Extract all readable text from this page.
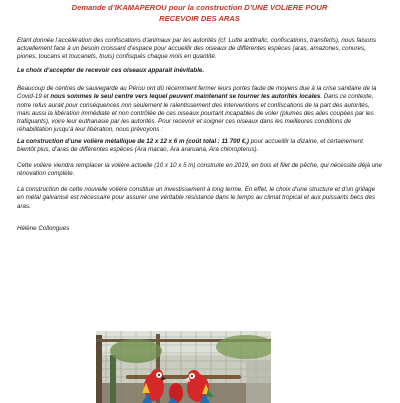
Demande d’IKAMAPEROU pour la construction D’UNE VOLIERE POUR
RECEVOIR DES ARAS

Etant donnée l’accélération des confiscations d’animaux par les autorités (cf. Lutte antitrafic, confiscations, transferts), nous faisons actuellement face à un besoin croissant d’espace pour accueillir des oiseaux de différentes espèces (aras, amazones, conures, piones, toucans et toucanets, touis) confisqués chaque mois en quantité.

Le choix d’accepter de recevoir ces oiseaux apparait inévitable.

Beaucoup de centres de sauvegarde au Pérou ont dû récemment fermer leurs portes faute de moyens due à la crise sanitaire de la Covid-19 et nous sommes le seul centre vers lequel peuvent maintenant se tourner les autorités locales. Dans ce contexte, notre refus aurait pour conséquences non seulement le ralentissement des interventions et confiscations de la part des autorités, mais aussi la libération immédiate et non contrôlée de ces oiseaux pourtant incapables de voler (plumes des ailes coupées par les trafiquants), voire leur euthanasie par les autorités. Pour recevoir et soigner ces oiseaux dans les meilleures conditions de réhabilitation jusqu’à leur libération, nous prévoyons :

La construction d’une volière métallique de 12 x 12 x 6 m (coût total : 11 700 €,) pour accueillir la dizaine, et certainement bientôt plus, d’aras de différentes espèces (Ara macao, Ara araruana, Ara chloropterus).

Cette volière viendra remplacer la volière actuelle (10 x 10 x 5 m) construite en 2019, en bois et filet de pêche, qui nécessite déjà une rénovation complète.

La construction de cette nouvelle volière constitue un investissement à long terme. En effet, le choix d’une structure et d’un grillage en métal galvanisé est nécessaire pour assurer une véritable résistance dans le temps au climat tropical et aux puissants becs des aras.

Hélène Collongues
